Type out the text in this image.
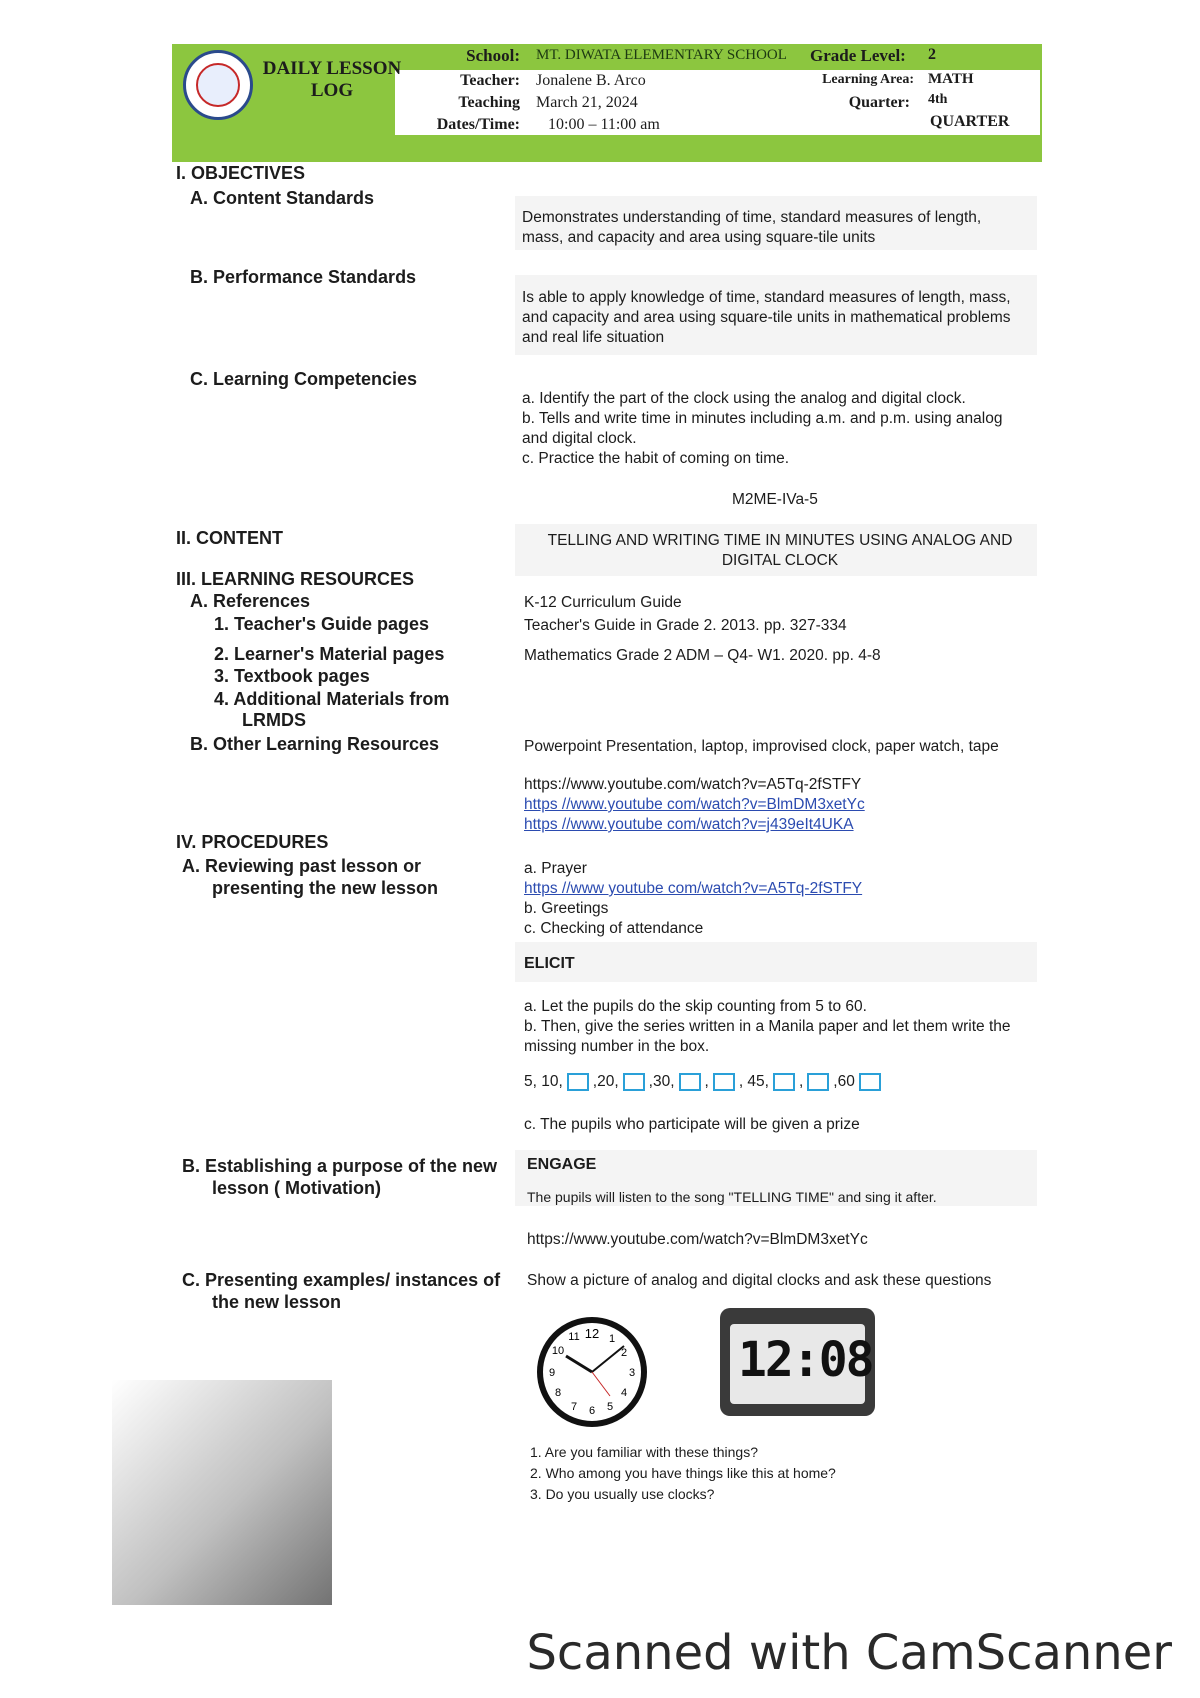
DAILY LESSON
LOG
School: MT. DIWATA ELEMENTARY SCHOOL Grade Level: 2
Teacher: Jonalene B. Arco	Learning Area: MATH
Teaching March 21, 2024	Quarter: 4th
Dates/Time: 10:00 – 11:00 am	QUARTER
I. OBJECTIVES
A. Content Standards
Demonstrates understanding of time, standard measures of length, mass, and capacity and area using square-tile units
B. Performance Standards
Is able to apply knowledge of time, standard measures of length, mass, and capacity and area using square-tile units in mathematical problems and real life situation
C. Learning Competencies
a. Identify the part of the clock using the analog and digital clock.
b. Tells and write time in minutes including a.m. and p.m. using analog and digital clock.
c. Practice the habit of coming on time.
M2ME-IVa-5
II. CONTENT	TELLING AND WRITING TIME IN MINUTES USING ANALOG AND DIGITAL CLOCK
III. LEARNING RESOURCES
A. References	K-12 Curriculum Guide
1. Teacher's Guide pages	Teacher's Guide in Grade 2. 2013. pp. 327-334
2. Learner's Material pages	Mathematics Grade 2 ADM – Q4- W1. 2020. pp. 4-8
3. Textbook pages
4. Additional Materials from
LRMDS
B. Other Learning Resources	Powerpoint Presentation, laptop, improvised clock, paper watch, tape
https://www.youtube.com/watch?v=A5Tq-2fSTFY
https //www.youtube com/watch?v=BlmDM3xetYc
https //www.youtube com/watch?v=j439eIt4UKA
IV. PROCEDURES
A. Reviewing past lesson or
presenting the new lesson
a. Prayer
https //www youtube com/watch?v=A5Tq-2fSTFY
b. Greetings
c. Checking of attendance
ELICIT
a. Let the pupils do the skip counting from 5 to 60.
b. Then, give the series written in a Manila paper and let them write the missing number in the box.
5, 10, ,20, ,30, , , 45, , ,60
c. The pupils who participate will be given a prize
B. Establishing a purpose of the new
lesson ( Motivation)
ENGAGE
The pupils will listen to the song "TELLING TIME" and sing it after.
https://www.youtube.com/watch?v=BlmDM3xetYc
C. Presenting examples/ instances of
the new lesson
Show a picture of analog and digital clocks and ask these questions
12
11	1
10	2
9	3
8	4
7 6 5
12:08
1. Are you familiar with these things?
2. Who among you have things like this at home?
3. Do you usually use clocks?
Scanned with CamScanner
